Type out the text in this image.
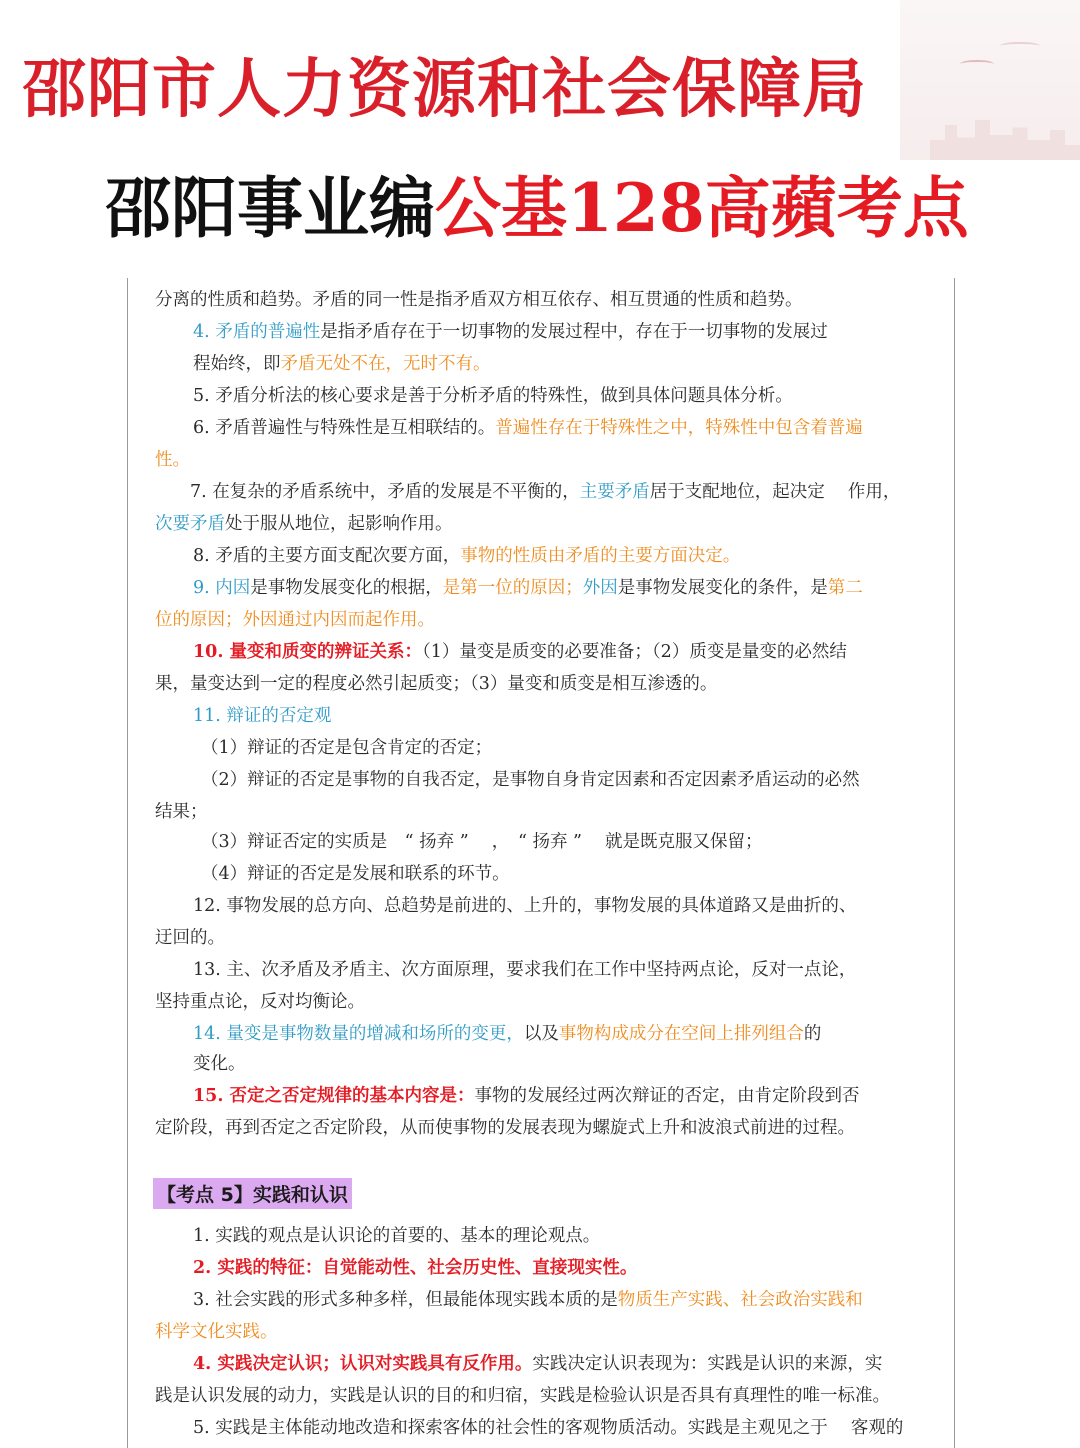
邵阳市人力资源和社会保障局
邵阳事业编公基128高蘋考点
分离的性质和趋势。矛盾的同一性是指矛盾双方相互依存、相互贯通的性质和趋势。
4. 矛盾的普遍性是指矛盾存在于一切事物的发展过程中，存在于一切事物的发展过
程始终，即矛盾无处不在，无时不有。
5. 矛盾分析法的核心要求是善于分析矛盾的特殊性，做到具体问题具体分析。
6. 矛盾普遍性与特殊性是互相联结的。普遍性存在于特殊性之中，特殊性中包含着普遍
性。
7. 在复杂的矛盾系统中，矛盾的发展是不平衡的，主要矛盾居于支配地位，起决定　 作用，
次要矛盾处于服从地位，起影响作用。
8. 矛盾的主要方面支配次要方面，事物的性质由矛盾的主要方面决定。
9. 内因是事物发展变化的根据，是第一位的原因；外因是事物发展变化的条件，是第二
位的原因；外因通过内因而起作用。
10. 量变和质变的辨证关系：（1）量变是质变的必要准备；（2）质变是量变的必然结
果，量变达到一定的程度必然引起质变；（3）量变和质变是相互渗透的。
11. 辩证的否定观
（1）辩证的否定是包含肯定的否定；
（2）辩证的否定是事物的自我否定，是事物自身肯定因素和否定因素矛盾运动的必然
结果；
（3）辩证否定的实质是　“ 扬弃 ”　 ，　“ 扬弃 ”　 就是既克服又保留；
（4）辩证的否定是发展和联系的环节。
12. 事物发展的总方向、总趋势是前进的、上升的，事物发展的具体道路又是曲折的、
迂回的。
13. 主、次矛盾及矛盾主、次方面原理，要求我们在工作中坚持两点论，反对一点论，
坚持重点论，反对均衡论。
14. 量变是事物数量的增减和场所的变更，以及事物构成成分在空间上排列组合的
变化。
15. 否定之否定规律的基本内容是：事物的发展经过两次辩证的否定，由肯定阶段到否
定阶段，再到否定之否定阶段，从而使事物的发展表现为螺旋式上升和波浪式前进的过程。
【考点 5】实践和认识
1. 实践的观点是认识论的首要的、基本的理论观点。
2. 实践的特征：自觉能动性、社会历史性、直接现实性。
3. 社会实践的形式多种多样，但最能体现实践本质的是物质生产实践、社会政治实践和
科学文化实践。
4. 实践决定认识；认识对实践具有反作用。实践决定认识表现为：实践是认识的来源，实
践是认识发展的动力，实践是认识的目的和归宿，实践是检验认识是否具有真理性的唯一标准。
5. 实践是主体能动地改造和探索客体的社会性的客观物质活动。实践是主观见之于　 客观的
